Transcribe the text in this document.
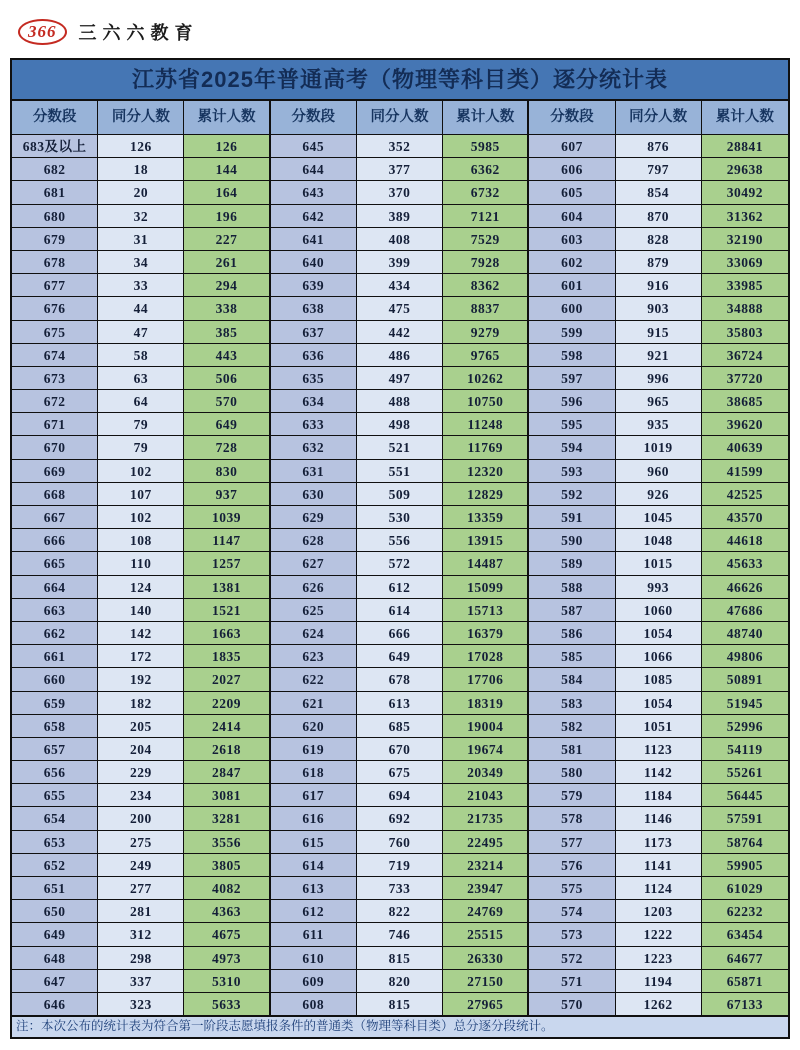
366	三六六教育
江苏省2025年普通高考（物理等科目类）逐分统计表
分数段	同分人数	累计人数	分数段	同分人数	累计人数	分数段	同分人数	累计人数
683及以上	126	126	645	352	5985	607	876	28841
682	18	144	644	377	6362	606	797	29638
681	20	164	643	370	6732	605	854	30492
680	32	196	642	389	7121	604	870	31362
679	31	227	641	408	7529	603	828	32190
678	34	261	640	399	7928	602	879	33069
677	33	294	639	434	8362	601	916	33985
676	44	338	638	475	8837	600	903	34888
675	47	385	637	442	9279	599	915	35803
674	58	443	636	486	9765	598	921	36724
673	63	506	635	497	10262	597	996	37720
672	64	570	634	488	10750	596	965	38685
671	79	649	633	498	11248	595	935	39620
670	79	728	632	521	11769	594	1019	40639
669	102	830	631	551	12320	593	960	41599
668	107	937	630	509	12829	592	926	42525
667	102	1039	629	530	13359	591	1045	43570
666	108	1147	628	556	13915	590	1048	44618
665	110	1257	627	572	14487	589	1015	45633
664	124	1381	626	612	15099	588	993	46626
663	140	1521	625	614	15713	587	1060	47686
662	142	1663	624	666	16379	586	1054	48740
661	172	1835	623	649	17028	585	1066	49806
660	192	2027	622	678	17706	584	1085	50891
659	182	2209	621	613	18319	583	1054	51945
658	205	2414	620	685	19004	582	1051	52996
657	204	2618	619	670	19674	581	1123	54119
656	229	2847	618	675	20349	580	1142	55261
655	234	3081	617	694	21043	579	1184	56445
654	200	3281	616	692	21735	578	1146	57591
653	275	3556	615	760	22495	577	1173	58764
652	249	3805	614	719	23214	576	1141	59905
651	277	4082	613	733	23947	575	1124	61029
650	281	4363	612	822	24769	574	1203	62232
649	312	4675	611	746	25515	573	1222	63454
648	298	4973	610	815	26330	572	1223	64677
647	337	5310	609	820	27150	571	1194	65871
646	323	5633	608	815	27965	570	1262	67133
注：本次公布的统计表为符合第一阶段志愿填报条件的普通类（物理等科目类）总分逐分段统计。
